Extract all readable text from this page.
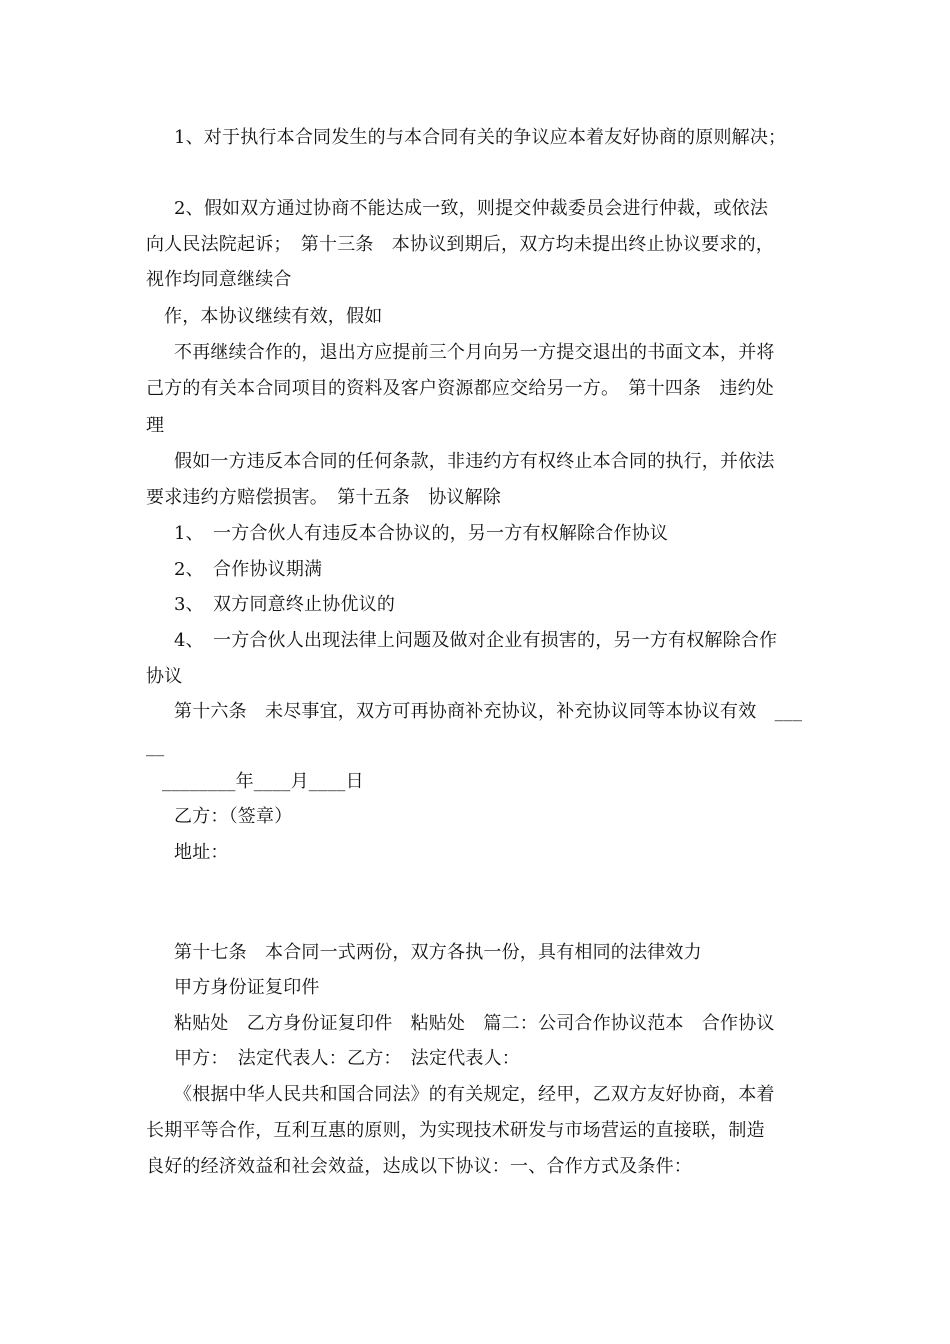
1、对于执行本合同发生的与本合同有关的争议应本着友好协商的原则解决；
2、假如双方通过协商不能达成一致，则提交仲裁委员会进行仲裁，或依法
向人民法院起诉；　第十三条　本协议到期后，双方均未提出终止协议要求的，
视作均同意继续合
作，本协议继续有效，假如
不再继续合作的，退出方应提前三个月向另一方提交退出的书面文本，并将
己方的有关本合同项目的资料及客户资源都应交给另一方。　第十四条　违约处
理
假如一方违反本合同的任何条款，非违约方有权终止本合同的执行，并依法
要求违约方赔偿损害。　第十五条　协议解除
1、　一方合伙人有违反本合协议的，另一方有权解除合作协议
2、　合作协议期满
3、　双方同意终止协优议的
4、　一方合伙人出现法律上问题及做对企业有损害的，另一方有权解除合作
协议
第十六条　未尽事宜，双方可再协商补充协议，补充协议同等本协议有效　___
__
________年____月____日
乙方：（签章）
地址：
第十七条　本合同一式两份，双方各执一份，具有相同的法律效力
甲方身份证复印件
粘贴处　乙方身份证复印件　粘贴处　篇二：公司合作协议范本　合作协议
甲方：　法定代表人：乙方：　法定代表人：
《根据中华人民共和国合同法》的有关规定，经甲，乙双方友好协商，本着
长期平等合作，互利互惠的原则，为实现技术研发与市场营运的直接联，制造
良好的经济效益和社会效益，达成以下协议：一、合作方式及条件：
